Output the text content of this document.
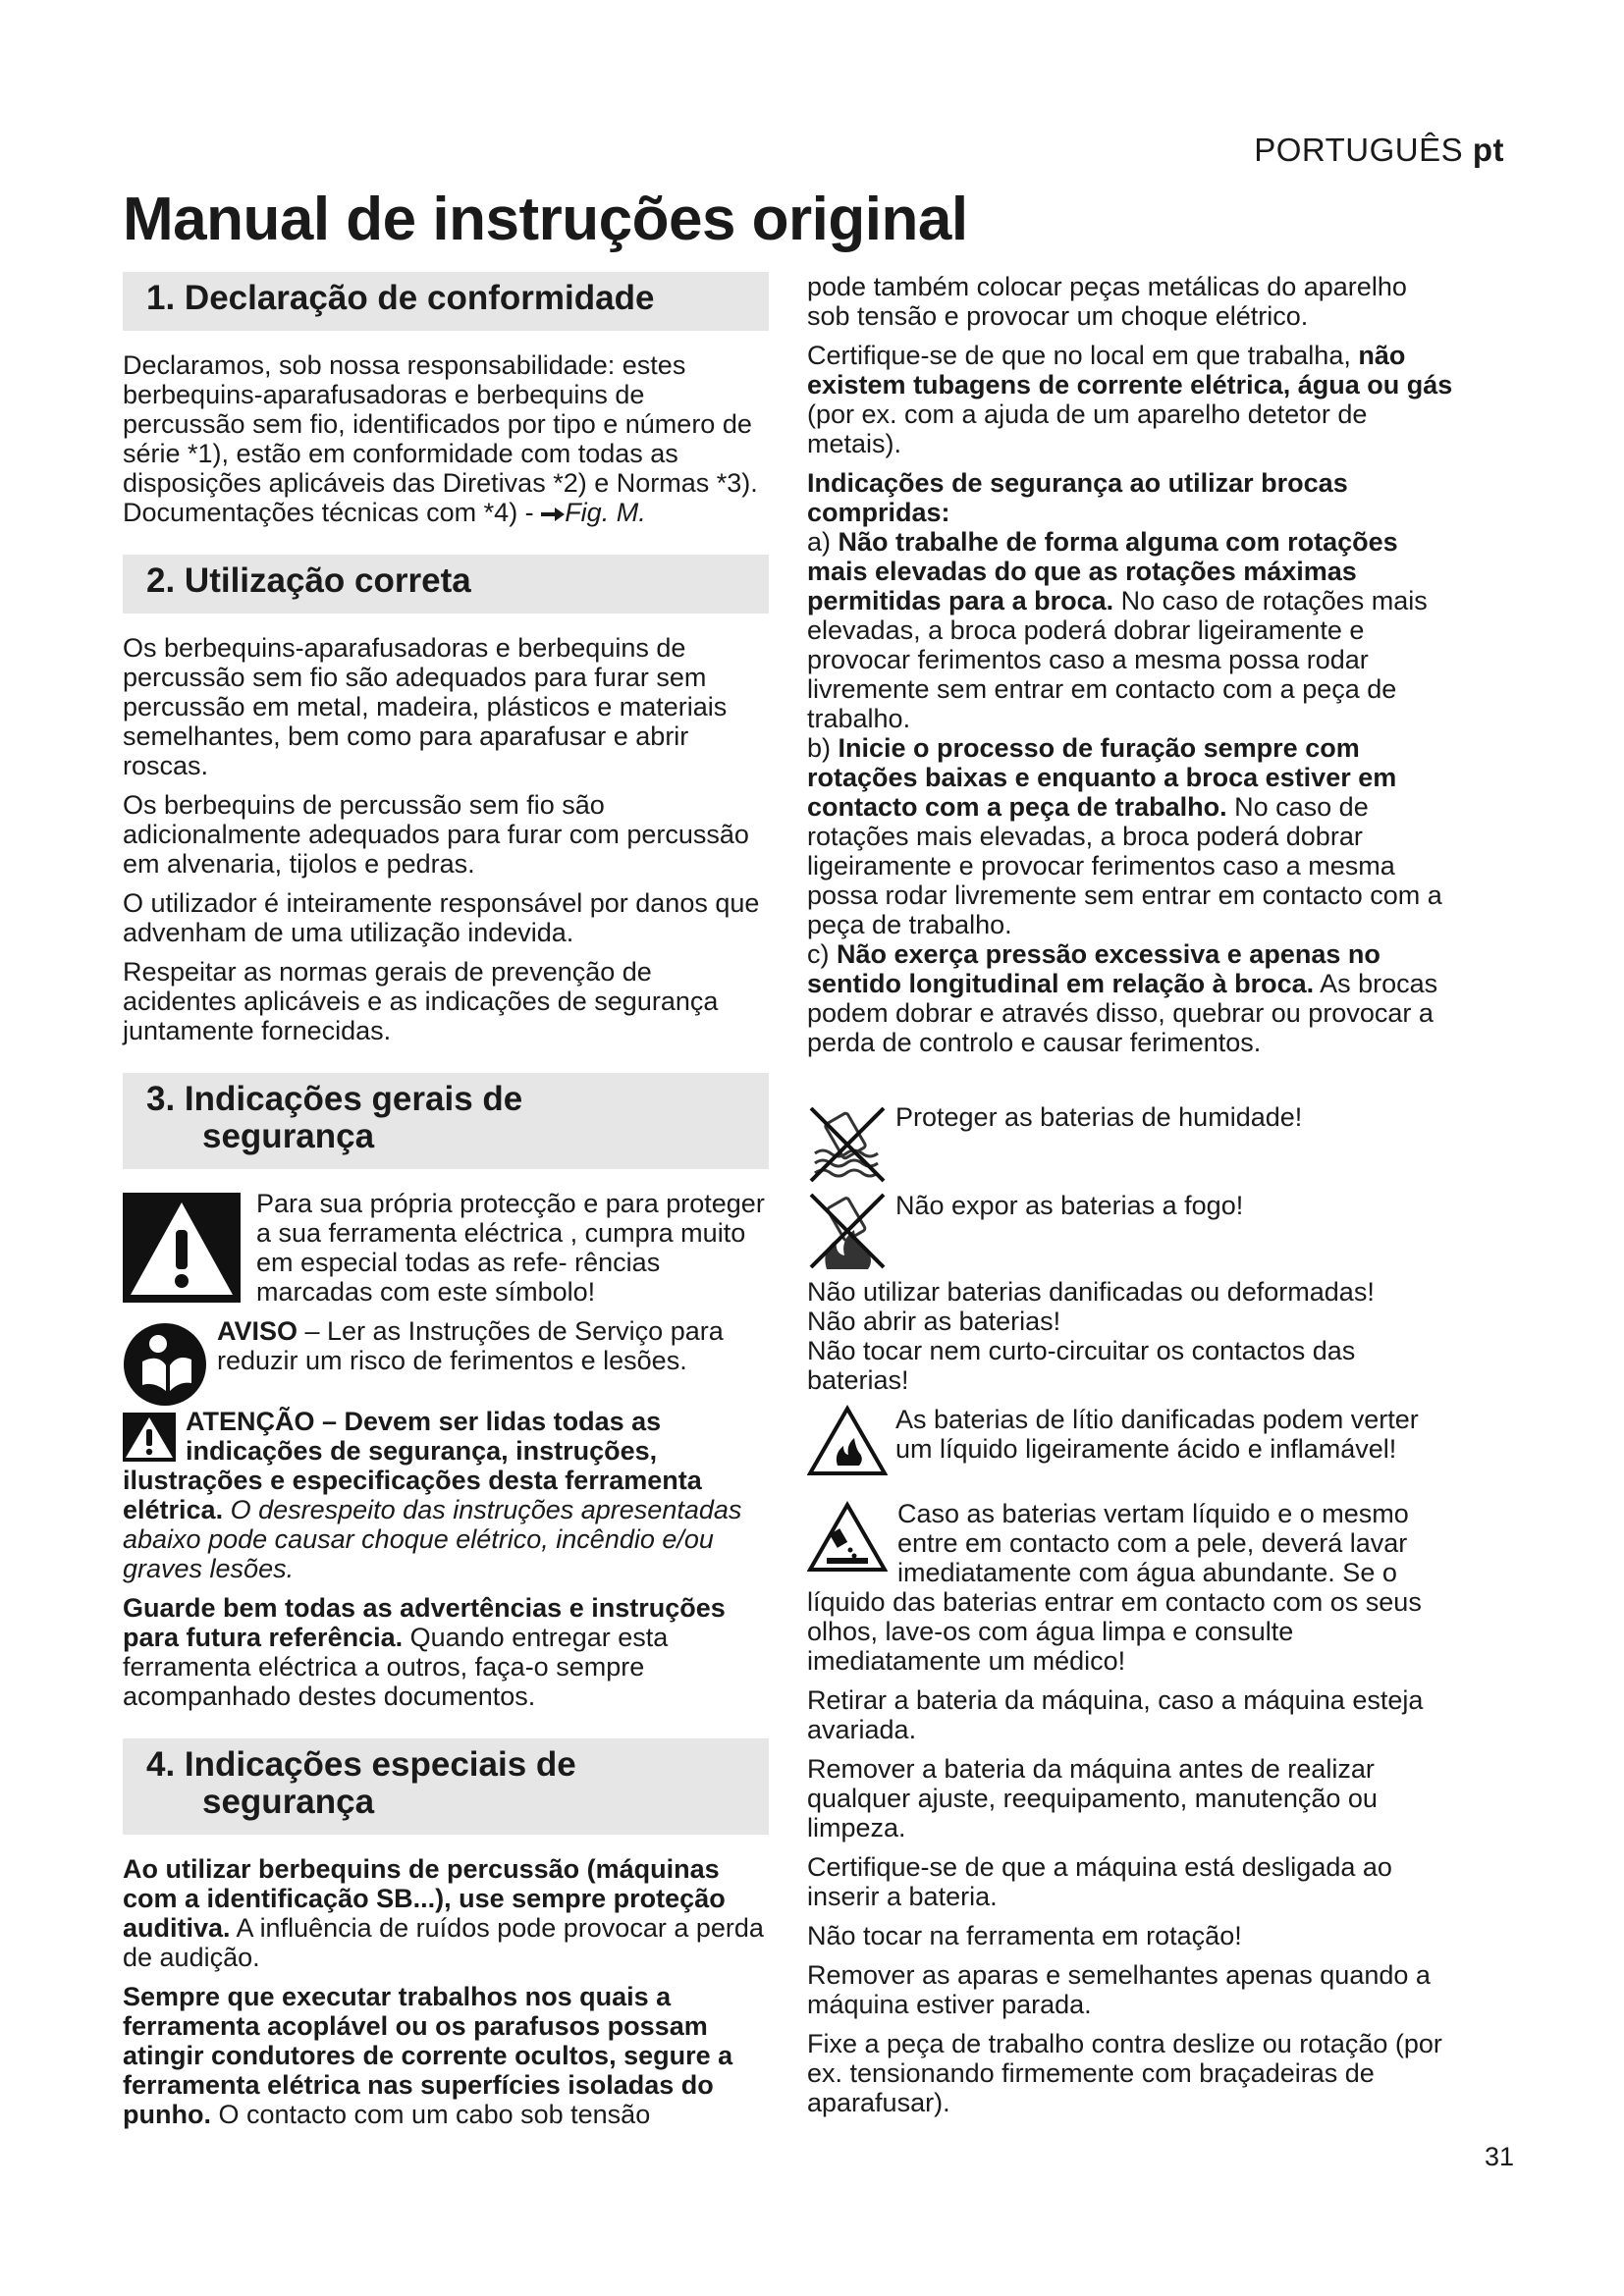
PORTUGUÊS pt
Manual de instruções original
1. Declaração de conformidade

Declaramos, sob nossa responsabilidade: estes berbequins-aparafusadoras e berbequins de percussão sem fio, identificados por tipo e número de série *1), estão em conformidade com todas as disposições aplicáveis das Diretivas *2) e Normas *3). Documentações técnicas com *4) - Fig. M.

2. Utilização correta

Os berbequins-aparafusadoras e berbequins de percussão sem fio são adequados para furar sem percussão em metal, madeira, plásticos e materiais semelhantes, bem como para aparafusar e abrir roscas.

Os berbequins de percussão sem fio são adicionalmente adequados para furar com percussão em alvenaria, tijolos e pedras.

O utilizador é inteiramente responsável por danos que advenham de uma utilização indevida.

Respeitar as normas gerais de prevenção de acidentes aplicáveis e as indicações de segurança juntamente fornecidas.

3. Indicações gerais de
segurança

Para sua própria protecção e para proteger a sua ferramenta eléctrica , cumpra muito em especial todas as refe- rências marcadas com este símbolo!

AVISO – Ler as Instruções de Serviço para reduzir um risco de ferimentos e lesões.

ATENÇÃO – Devem ser lidas todas as indicações de segurança, instruções, ilustrações e especificações desta ferramenta elétrica. O desrespeito das instruções apresentadas abaixo pode causar choque elétrico, incêndio e/ou graves lesões.

Guarde bem todas as advertências e instruções para futura referência. Quando entregar esta ferramenta eléctrica a outros, faça-o sempre acompanhado destes documentos.

4. Indicações especiais de
segurança

Ao utilizar berbequins de percussão (máquinas com a identificação SB...), use sempre proteção auditiva. A influência de ruídos pode provocar a perda de audição.

Sempre que executar trabalhos nos quais a ferramenta acoplável ou os parafusos possam atingir condutores de corrente ocultos, segure a ferramenta elétrica nas superfícies isoladas do punho. O contacto com um cabo sob tensão

pode também colocar peças metálicas do aparelho sob tensão e provocar um choque elétrico.

Certifique-se de que no local em que trabalha, não existem tubagens de corrente elétrica, água ou gás (por ex. com a ajuda de um aparelho detetor de metais).

Indicações de segurança ao utilizar brocas compridas:
a) Não trabalhe de forma alguma com rotações mais elevadas do que as rotações máximas permitidas para a broca. No caso de rotações mais elevadas, a broca poderá dobrar ligeiramente e provocar ferimentos caso a mesma possa rodar livremente sem entrar em contacto com a peça de trabalho.
b) Inicie o processo de furação sempre com rotações baixas e enquanto a broca estiver em contacto com a peça de trabalho. No caso de rotações mais elevadas, a broca poderá dobrar ligeiramente e provocar ferimentos caso a mesma possa rodar livremente sem entrar em contacto com a peça de trabalho.
c) Não exerça pressão excessiva e apenas no sentido longitudinal em relação à broca. As brocas podem dobrar e através disso, quebrar ou provocar a perda de controlo e causar ferimentos.

Proteger as baterias de humidade!

Não expor as baterias a fogo!

Não utilizar baterias danificadas ou deformadas!
Não abrir as baterias!
Não tocar nem curto-circuitar os contactos das baterias!

As baterias de lítio danificadas podem verter um líquido ligeiramente ácido e inflamável!

Caso as baterias vertam líquido e o mesmo entre em contacto com a pele, deverá lavar imediatamente com água abundante. Se o líquido das baterias entrar em contacto com os seus olhos, lave-os com água limpa e consulte imediatamente um médico!

Retirar a bateria da máquina, caso a máquina esteja avariada.

Remover a bateria da máquina antes de realizar qualquer ajuste, reequipamento, manutenção ou limpeza.

Certifique-se de que a máquina está desligada ao inserir a bateria.

Não tocar na ferramenta em rotação!

Remover as aparas e semelhantes apenas quando a máquina estiver parada.

Fixe a peça de trabalho contra deslize ou rotação (por ex. tensionando firmemente com braçadeiras de aparafusar).

31
